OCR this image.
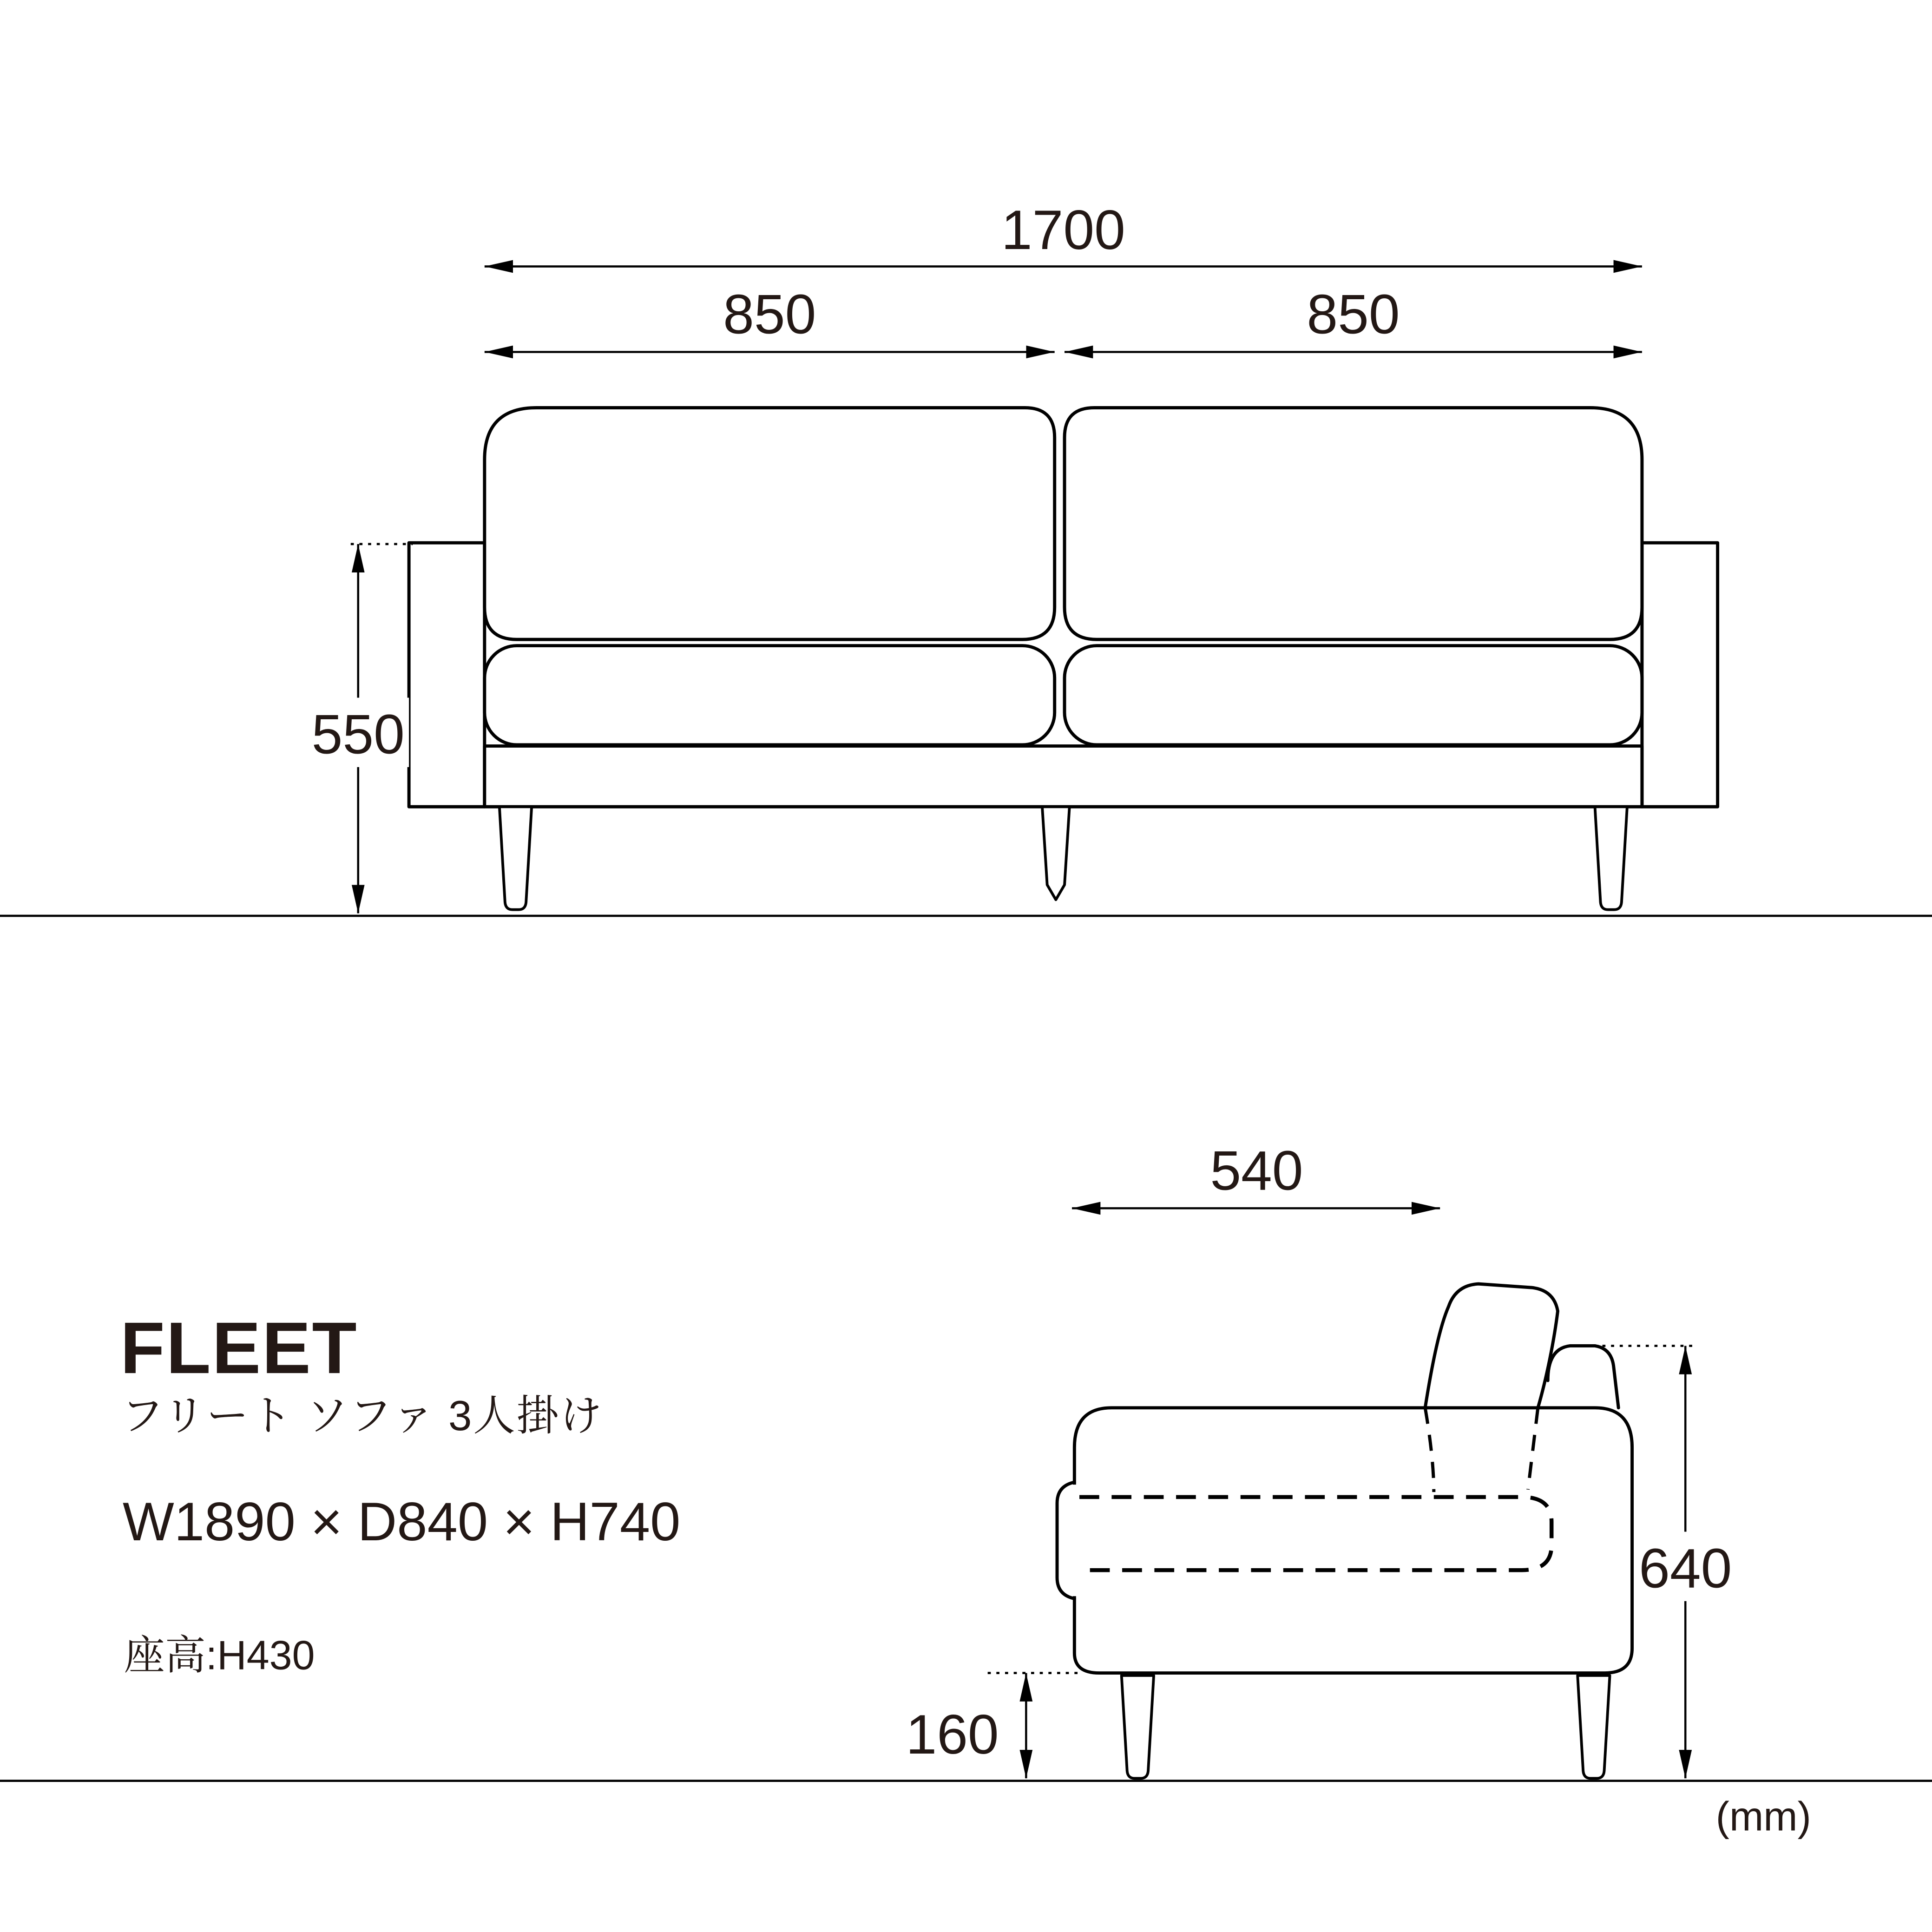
1700
850	850
550
540
640
160
(mm)
FLEET
フリート ソファ 3人掛け
W1890 × D840 × H740
座高:H430
